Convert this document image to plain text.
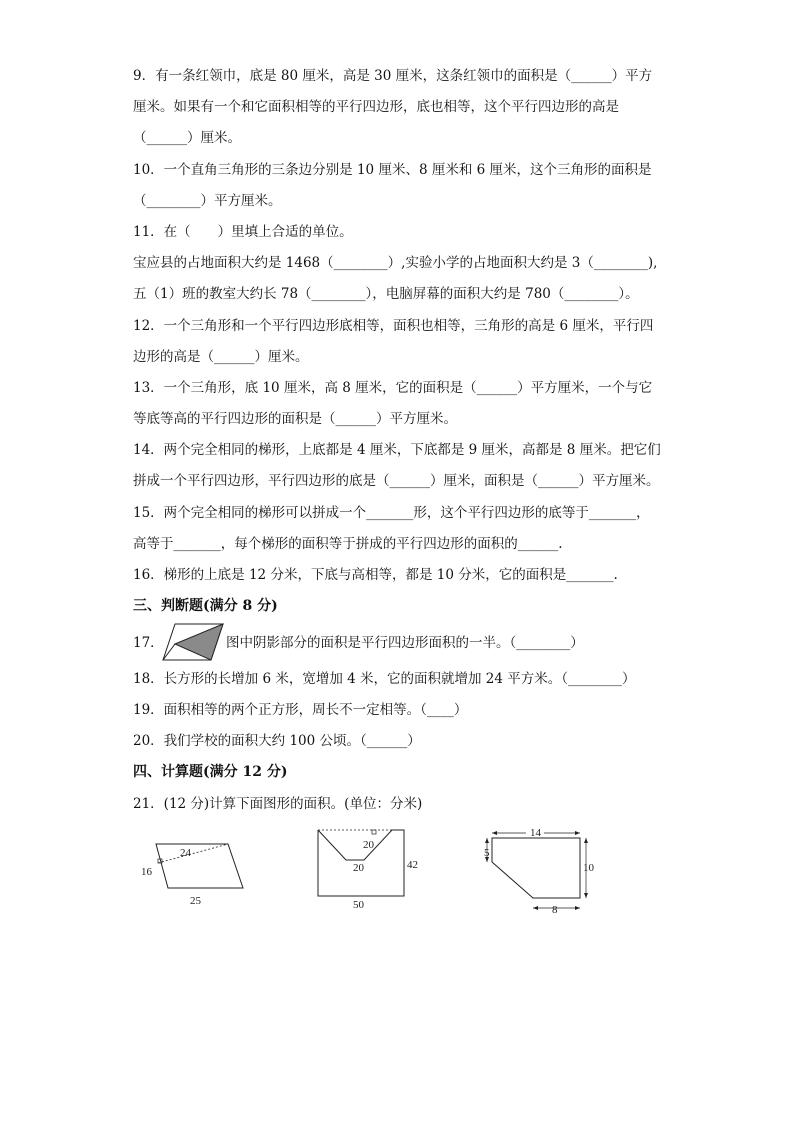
9．有一条红领巾，底是 80 厘米，高是 30 厘米，这条红领巾的面积是（______）平方
厘米。如果有一个和它面积相等的平行四边形，底也相等，这个平行四边形的高是
（______）厘米。
10．一个直角三角形的三条边分别是 10 厘米、8 厘米和 6 厘米，这个三角形的面积是
（________）平方厘米。
11．在（　　）里填上合适的单位。
宝应县的占地面积大约是 1468（________）,实验小学的占地面积大约是 3（________),
五（1）班的教室大约长 78（________），电脑屏幕的面积大约是 780（________）。
12．一个三角形和一个平行四边形底相等，面积也相等，三角形的高是 6 厘米，平行四
边形的高是（______）厘米。
13．一个三角形，底 10 厘米，高 8 厘米，它的面积是（______）平方厘米，一个与它
等底等高的平行四边形的面积是（______）平方厘米。
14．两个完全相同的梯形，上底都是 4 厘米，下底都是 9 厘米，高都是 8 厘米。把它们
拼成一个平行四边形，平行四边形的底是（______）厘米，面积是（______）平方厘米。
15．两个完全相同的梯形可以拼成一个_______形，这个平行四边形的底等于_______，
高等于_______，每个梯形的面积等于拼成的平行四边形的面积的______.
16．梯形的上底是 12 分米，下底与高相等，都是 10 分米，它的面积是_______.
三、判断题(满分 8 分)
17．	图中阴影部分的面积是平行四边形面积的一半。（________）
18．长方形的长增加 6 米，宽增加 4 米，它的面积就增加 24 平方米。（________）
19．面积相等的两个正方形，周长不一定相等。（____）
20．我们学校的面积大约 100 公顷。（______）
四、计算题(满分 12 分)
21．(12 分)计算下面图形的面积。(单位：分米)
24
16
25
20
20	42
50
14
5
10
8
